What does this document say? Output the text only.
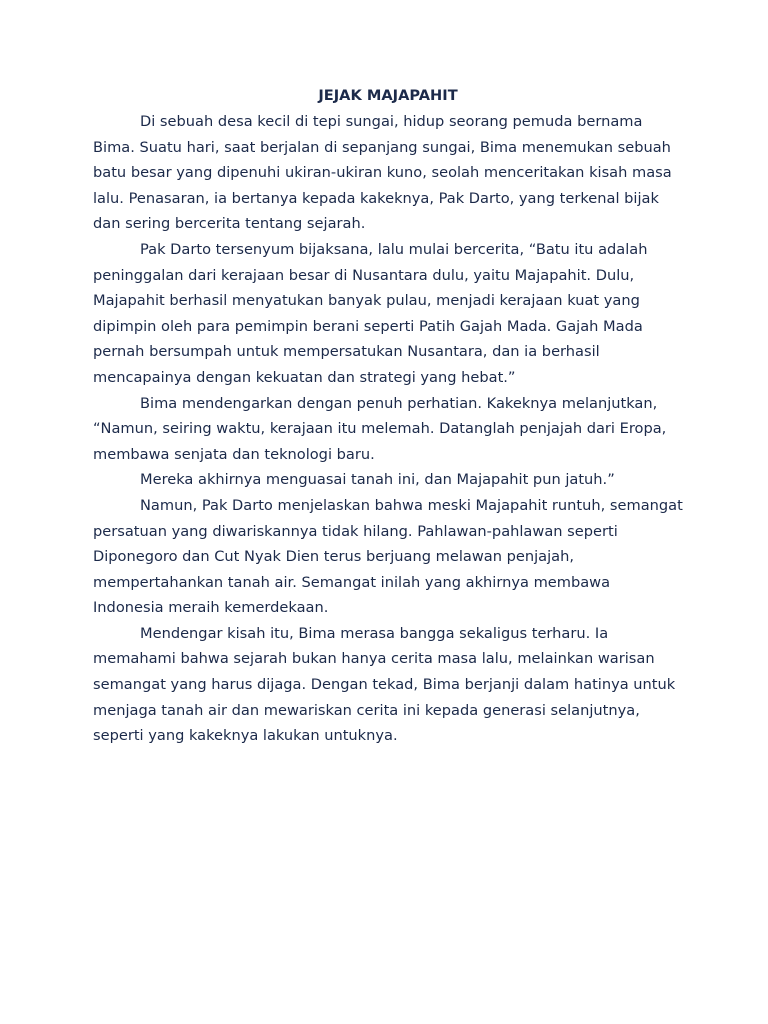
JEJAK MAJAPAHIT

Di sebuah desa kecil di tepi sungai, hidup seorang pemuda bernama Bima. Suatu hari, saat berjalan di sepanjang sungai, Bima menemukan sebuah batu besar yang dipenuhi ukiran-ukiran kuno, seolah menceritakan kisah masa lalu. Penasaran, ia bertanya kepada kakeknya, Pak Darto, yang terkenal bijak dan sering bercerita tentang sejarah.

Pak Darto tersenyum bijaksana, lalu mulai bercerita, “Batu itu adalah peninggalan dari kerajaan besar di Nusantara dulu, yaitu Majapahit. Dulu, Majapahit berhasil menyatukan banyak pulau, menjadi kerajaan kuat yang dipimpin oleh para pemimpin berani seperti Patih Gajah Mada. Gajah Mada pernah bersumpah untuk mempersatukan Nusantara, dan ia berhasil mencapainya dengan kekuatan dan strategi yang hebat.”

Bima mendengarkan dengan penuh perhatian. Kakeknya melanjutkan, “Namun, seiring waktu, kerajaan itu melemah. Datanglah penjajah dari Eropa, membawa senjata dan teknologi baru.

Mereka akhirnya menguasai tanah ini, dan Majapahit pun jatuh.”

Namun, Pak Darto menjelaskan bahwa meski Majapahit runtuh, semangat persatuan yang diwariskannya tidak hilang. Pahlawan-pahlawan seperti Diponegoro dan Cut Nyak Dien terus berjuang melawan penjajah, mempertahankan tanah air. Semangat inilah yang akhirnya membawa Indonesia meraih kemerdekaan.

Mendengar kisah itu, Bima merasa bangga sekaligus terharu. Ia memahami bahwa sejarah bukan hanya cerita masa lalu, melainkan warisan semangat yang harus dijaga. Dengan tekad, Bima berjanji dalam hatinya untuk menjaga tanah air dan mewariskan cerita ini kepada generasi selanjutnya, seperti yang kakeknya lakukan untuknya.
